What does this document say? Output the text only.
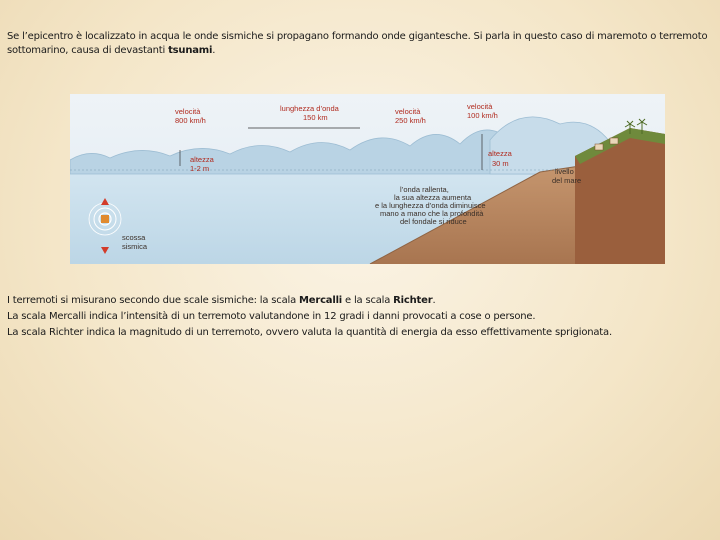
Se l’epicentro è localizzato in acqua le onde sismiche si propagano formando onde gigantesche. Si parla in questo caso di maremoto o terremoto sottomarino, causa di devastanti tsunami.

velocità
800 km/h
lunghezza d’onda
150 km
velocità
250 km/h
velocità
100 km/h
altezza
1-2 m
altezza
30 m
livello
del mare
l’onda rallenta,
la sua altezza aumenta
e la lunghezza d’onda diminuisce
mano a mano che la profondità
del fondale si riduce
scossa
sismica

I terremoti si misurano secondo due scale sismiche: la scala Mercalli e la scala Richter.

La scala Mercalli indica l’intensità di un terremoto valutandone in 12 gradi i danni provocati a cose o persone.

La scala Richter indica la magnitudo di un terremoto, ovvero valuta la quantità di energia da esso effettivamente sprigionata.
